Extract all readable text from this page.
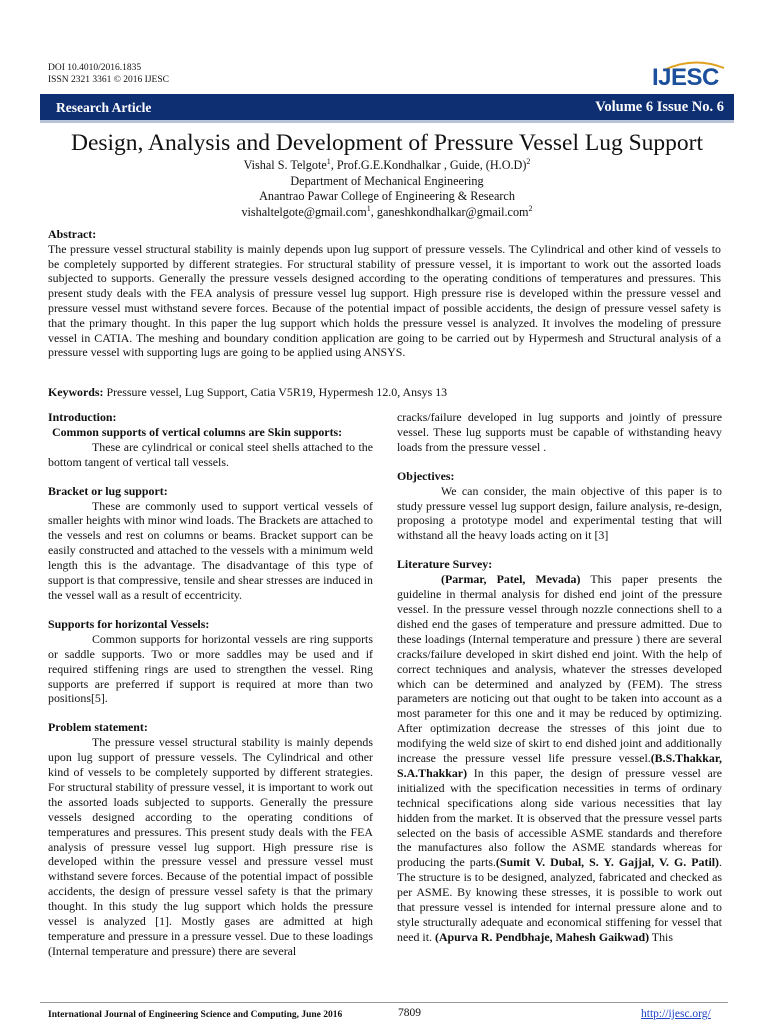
DOI 10.4010/2016.1835
ISSN 2321 3361 © 2016 IJESC	IJESC
Research Article	Volume 6 Issue No. 6
Design, Analysis and Development of Pressure Vessel Lug Support
Vishal S. Telgote$^1$, Prof.G.E.Kondhalkar , Guide, $(H.O.D)^2$
Department of Mechanical Engineering
Anantrao Pawar College of Engineering & Research
vishaltelgote@gmail.com$^1$, ganeshkondhalkar@gmail.com$^2$
Abstract:
The pressure vessel structural stability is mainly depends upon lug support of pressure vessels. The Cylindrical and other kind of vessels to be completely supported by different strategies. For structural stability of pressure vessel, it is important to work out the assorted loads subjected to supports. Generally the pressure vessels designed according to the operating conditions of temperatures and pressures. This present study deals with the FEA analysis of pressure vessel lug support. High pressure rise is developed within the pressure vessel and pressure vessel must withstand severe forces. Because of the potential impact of possible accidents, the design of pressure vessel safety is that the primary thought. In this paper the lug support which holds the pressure vessel is analyzed. It involves the modeling of pressure vessel in CATIA. The meshing and boundary condition application are going to be carried out by Hypermesh and Structural analysis of a pressure vessel with supporting lugs are going to be applied using ANSYS.
Keywords: Pressure vessel, Lug Support, Catia V5R19, Hypermesh 12.0, Ansys 13
Introduction:
Common supports of vertical columns are Skin supports:

These are cylindrical or conical steel shells attached to the bottom tangent of vertical tall vessels.

Bracket or lug support:

These are commonly used to support vertical vessels of smaller heights with minor wind loads. The Brackets are attached to the vessels and rest on columns or beams. Bracket support can be easily constructed and attached to the vessels with a minimum weld length this is the advantage. The disadvantage of this type of support is that compressive, tensile and shear stresses are induced in the vessel wall as a result of eccentricity.

Supports for horizontal Vessels:

Common supports for horizontal vessels are ring supports or saddle supports. Two or more saddles may be used and if required stiffening rings are used to strengthen the vessel. Ring supports are preferred if support is required at more than two positions[5].

Problem statement:

The pressure vessel structural stability is mainly depends upon lug support of pressure vessels. The Cylindrical and other kind of vessels to be completely supported by different strategies. For structural stability of pressure vessel, it is important to work out the assorted loads subjected to supports. Generally the pressure vessels designed according to the operating conditions of temperatures and pressures. This present study deals with the FEA analysis of pressure vessel lug support. High pressure rise is developed within the pressure vessel and pressure vessel must withstand severe forces. Because of the potential impact of possible accidents, the design of pressure vessel safety is that the primary thought. In this study the lug support which holds the pressure vessel is analyzed [1]. Mostly gases are admitted at high temperature and pressure in a pressure vessel. Due to these loadings (Internal temperature and pressure) there are several

cracks/failure developed in lug supports and jointly of pressure vessel. These lug supports must be capable of withstanding heavy loads from the pressure vessel .

Objectives:

We can consider, the main objective of this paper is to study pressure vessel lug support design, failure analysis, re-design, proposing a prototype model and experimental testing that will withstand all the heavy loads acting on it [3]

Literature Survey:

(Parmar, Patel, Mevada) This paper presents the guideline in thermal analysis for dished end joint of the pressure vessel. In the pressure vessel through nozzle connections shell to a dished end the gases of temperature and pressure admitted. Due to these loadings (Internal temperature and pressure ) there are several cracks/failure developed in skirt dished end joint. With the help of correct techniques and analysis, whatever the stresses developed which can be determined and analyzed by (FEM). The stress parameters are noticing out that ought to be taken into account as a most parameter for this one and it may be reduced by optimizing. After optimization decrease the stresses of this joint due to modifying the weld size of skirt to end dished joint and additionally increase the pressure vessel life pressure vessel.(B.S.Thakkar, S.A.Thakkar) In this paper, the design of pressure vessel are initialized with the specification necessities in terms of ordinary technical specifications along side various necessities that lay hidden from the market. It is observed that the pressure vessel parts selected on the basis of accessible ASME standards and therefore the manufactures also follow the ASME standards whereas for producing the parts.(Sumit V. Dubal, S. Y. Gajjal, V. G. Patil). The structure is to be designed, analyzed, fabricated and checked as per ASME. By knowing these stresses, it is possible to work out that pressure vessel is intended for internal pressure alone and to style structurally adequate and economical stiffening for vessel that need it. (Apurva R. Pendbhaje, Mahesh Gaikwad) This

International Journal of Engineering Science and Computing, June 2016	7809	http://ijesc.org/
